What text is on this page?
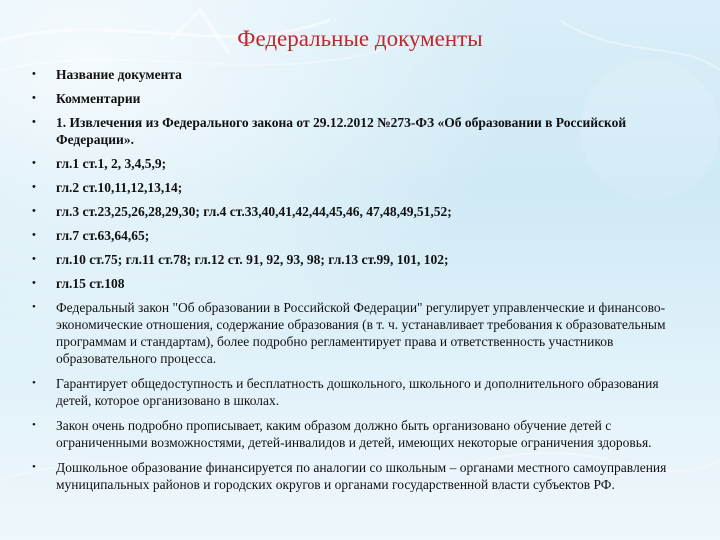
Федеральные документы
• Название документа
• Комментарии
• 1. Извлечения из Федерального закона от 29.12.2012 №273-ФЗ «Об образовании в Российской Федерации».
• гл.1 ст.1, 2, 3,4,5,9;
• гл.2 ст.10,11,12,13,14;
• гл.3 ст.23,25,26,28,29,30; гл.4 ст.33,40,41,42,44,45,46, 47,48,49,51,52;
• гл.7 ст.63,64,65;
• гл.10 ст.75; гл.11 ст.78; гл.12 ст. 91, 92, 93, 98; гл.13 ст.99, 101, 102;
• гл.15 ст.108
• Федеральный закон "Об образовании в Российской Федерации" регулирует управленческие и финансово-экономические отношения, содержание образования (в т. ч. устанавливает требования к образовательным программам и стандартам), более подробно регламентирует права и ответственность участников образовательного процесса.
• Гарантирует общедоступность и бесплатность дошкольного, школьного и дополнительного образования детей, которое организовано в школах.
• Закон очень подробно прописывает, каким образом должно быть организовано обучение детей с ограниченными возможностями, детей-инвалидов и детей, имеющих некоторые ограничения здоровья.
• Дошкольное образование финансируется по аналогии со школьным – органами местного самоуправления муниципальных районов и городских округов и органами государственной власти субъектов РФ.
